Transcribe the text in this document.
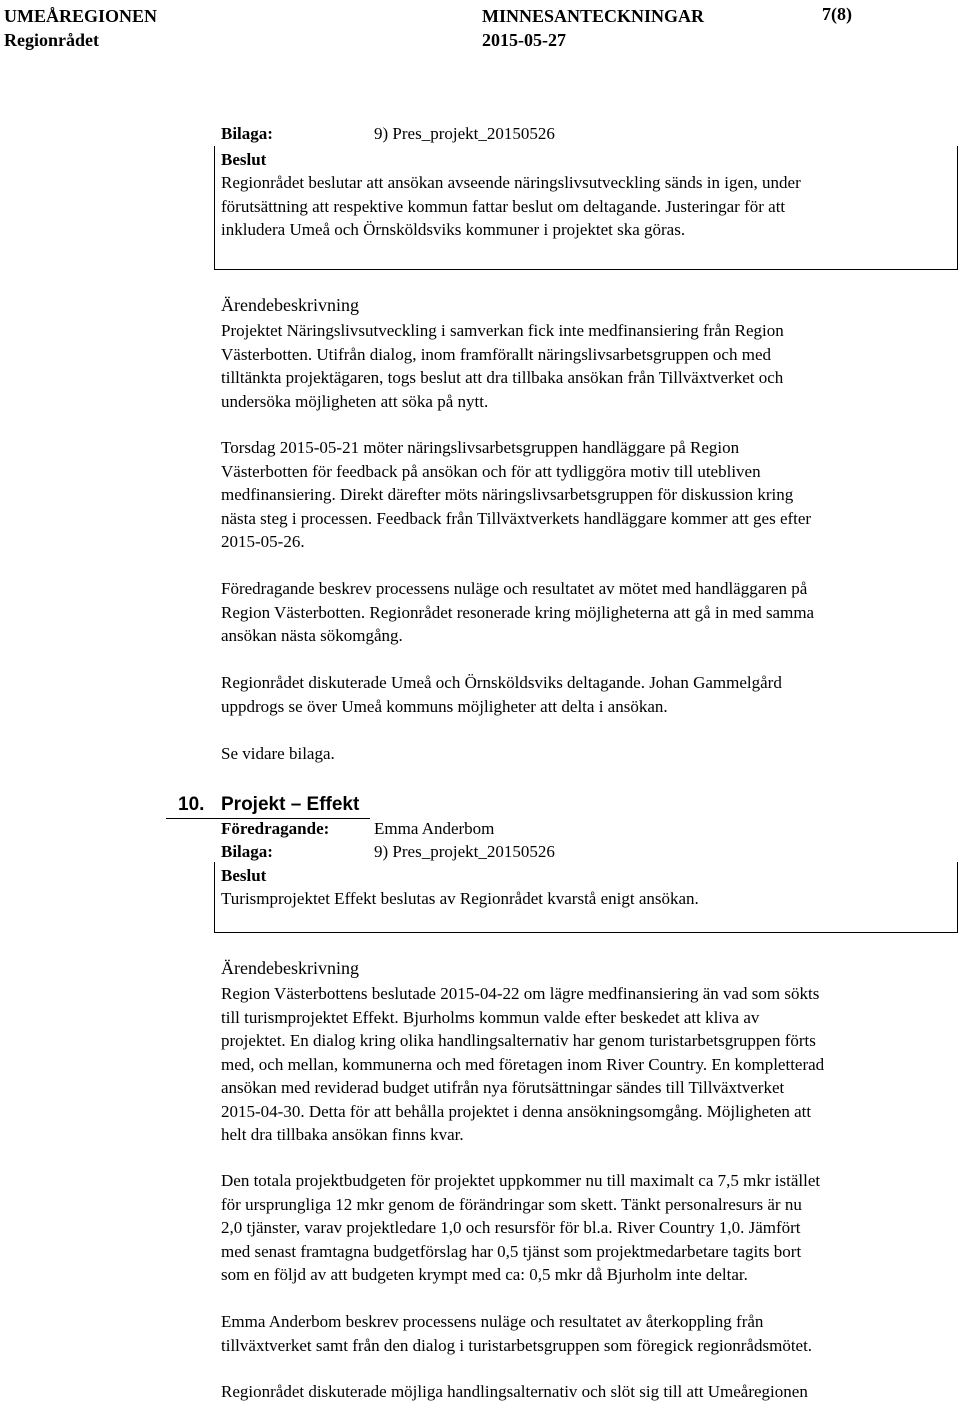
UMEÅREGIONEN
Regionrådet
MINNESANTECKNINGAR
2015-05-27
7(8)
Bilaga:	9) Pres_projekt_20150526
Beslut
Regionrådet beslutar att ansökan avseende näringslivsutveckling sänds in igen, under
förutsättning att respektive kommun fattar beslut om deltagande. Justeringar för att
inkludera Umeå och Örnsköldsviks kommuner i projektet ska göras.
Ärendebeskrivning
Projektet Näringslivsutveckling i samverkan fick inte medfinansiering från Region
Västerbotten. Utifrån dialog, inom framförallt näringslivsarbetsgruppen och med
tilltänkta projektägaren, togs beslut att dra tillbaka ansökan från Tillväxtverket och
undersöka möjligheten att söka på nytt.
Torsdag 2015-05-21 möter näringslivsarbetsgruppen handläggare på Region
Västerbotten för feedback på ansökan och för att tydliggöra motiv till utebliven
medfinansiering. Direkt därefter möts näringslivsarbetsgruppen för diskussion kring
nästa steg i processen. Feedback från Tillväxtverkets handläggare kommer att ges efter
2015-05-26.
Föredragande beskrev processens nuläge och resultatet av mötet med handläggaren på
Region Västerbotten. Regionrådet resonerade kring möjligheterna att gå in med samma
ansökan nästa sökomgång.
Regionrådet diskuterade Umeå och Örnsköldsviks deltagande. Johan Gammelgård
uppdrogs se över Umeå kommuns möjligheter att delta i ansökan.
Se vidare bilaga.
10. Projekt – Effekt
Föredragande:	Emma Anderbom
Bilaga:	9) Pres_projekt_20150526
Beslut
Turismprojektet Effekt beslutas av Regionrådet kvarstå enigt ansökan.
Ärendebeskrivning
Region Västerbottens beslutade 2015-04-22 om lägre medfinansiering än vad som sökts
till turismprojektet Effekt. Bjurholms kommun valde efter beskedet att kliva av
projektet. En dialog kring olika handlingsalternativ har genom turistarbetsgruppen förts
med, och mellan, kommunerna och med företagen inom River Country. En kompletterad
ansökan med reviderad budget utifrån nya förutsättningar sändes till Tillväxtverket
2015-04-30. Detta för att behålla projektet i denna ansökningsomgång. Möjligheten att
helt dra tillbaka ansökan finns kvar.
Den totala projektbudgeten för projektet uppkommer nu till maximalt ca 7,5 mkr istället
för ursprungliga 12 mkr genom de förändringar som skett. Tänkt personalresurs är nu
2,0 tjänster, varav projektledare 1,0 och resursför för bl.a. River Country 1,0. Jämfört
med senast framtagna budgetförslag har 0,5 tjänst som projektmedarbetare tagits bort
som en följd av att budgeten krympt med ca: 0,5 mkr då Bjurholm inte deltar.
Emma Anderbom beskrev processens nuläge och resultatet av återkoppling från
tillväxtverket samt från den dialog i turistarbetsgruppen som föregick regionrådsmötet.
Regionrådet diskuterade möjliga handlingsalternativ och slöt sig till att Umeåregionen
